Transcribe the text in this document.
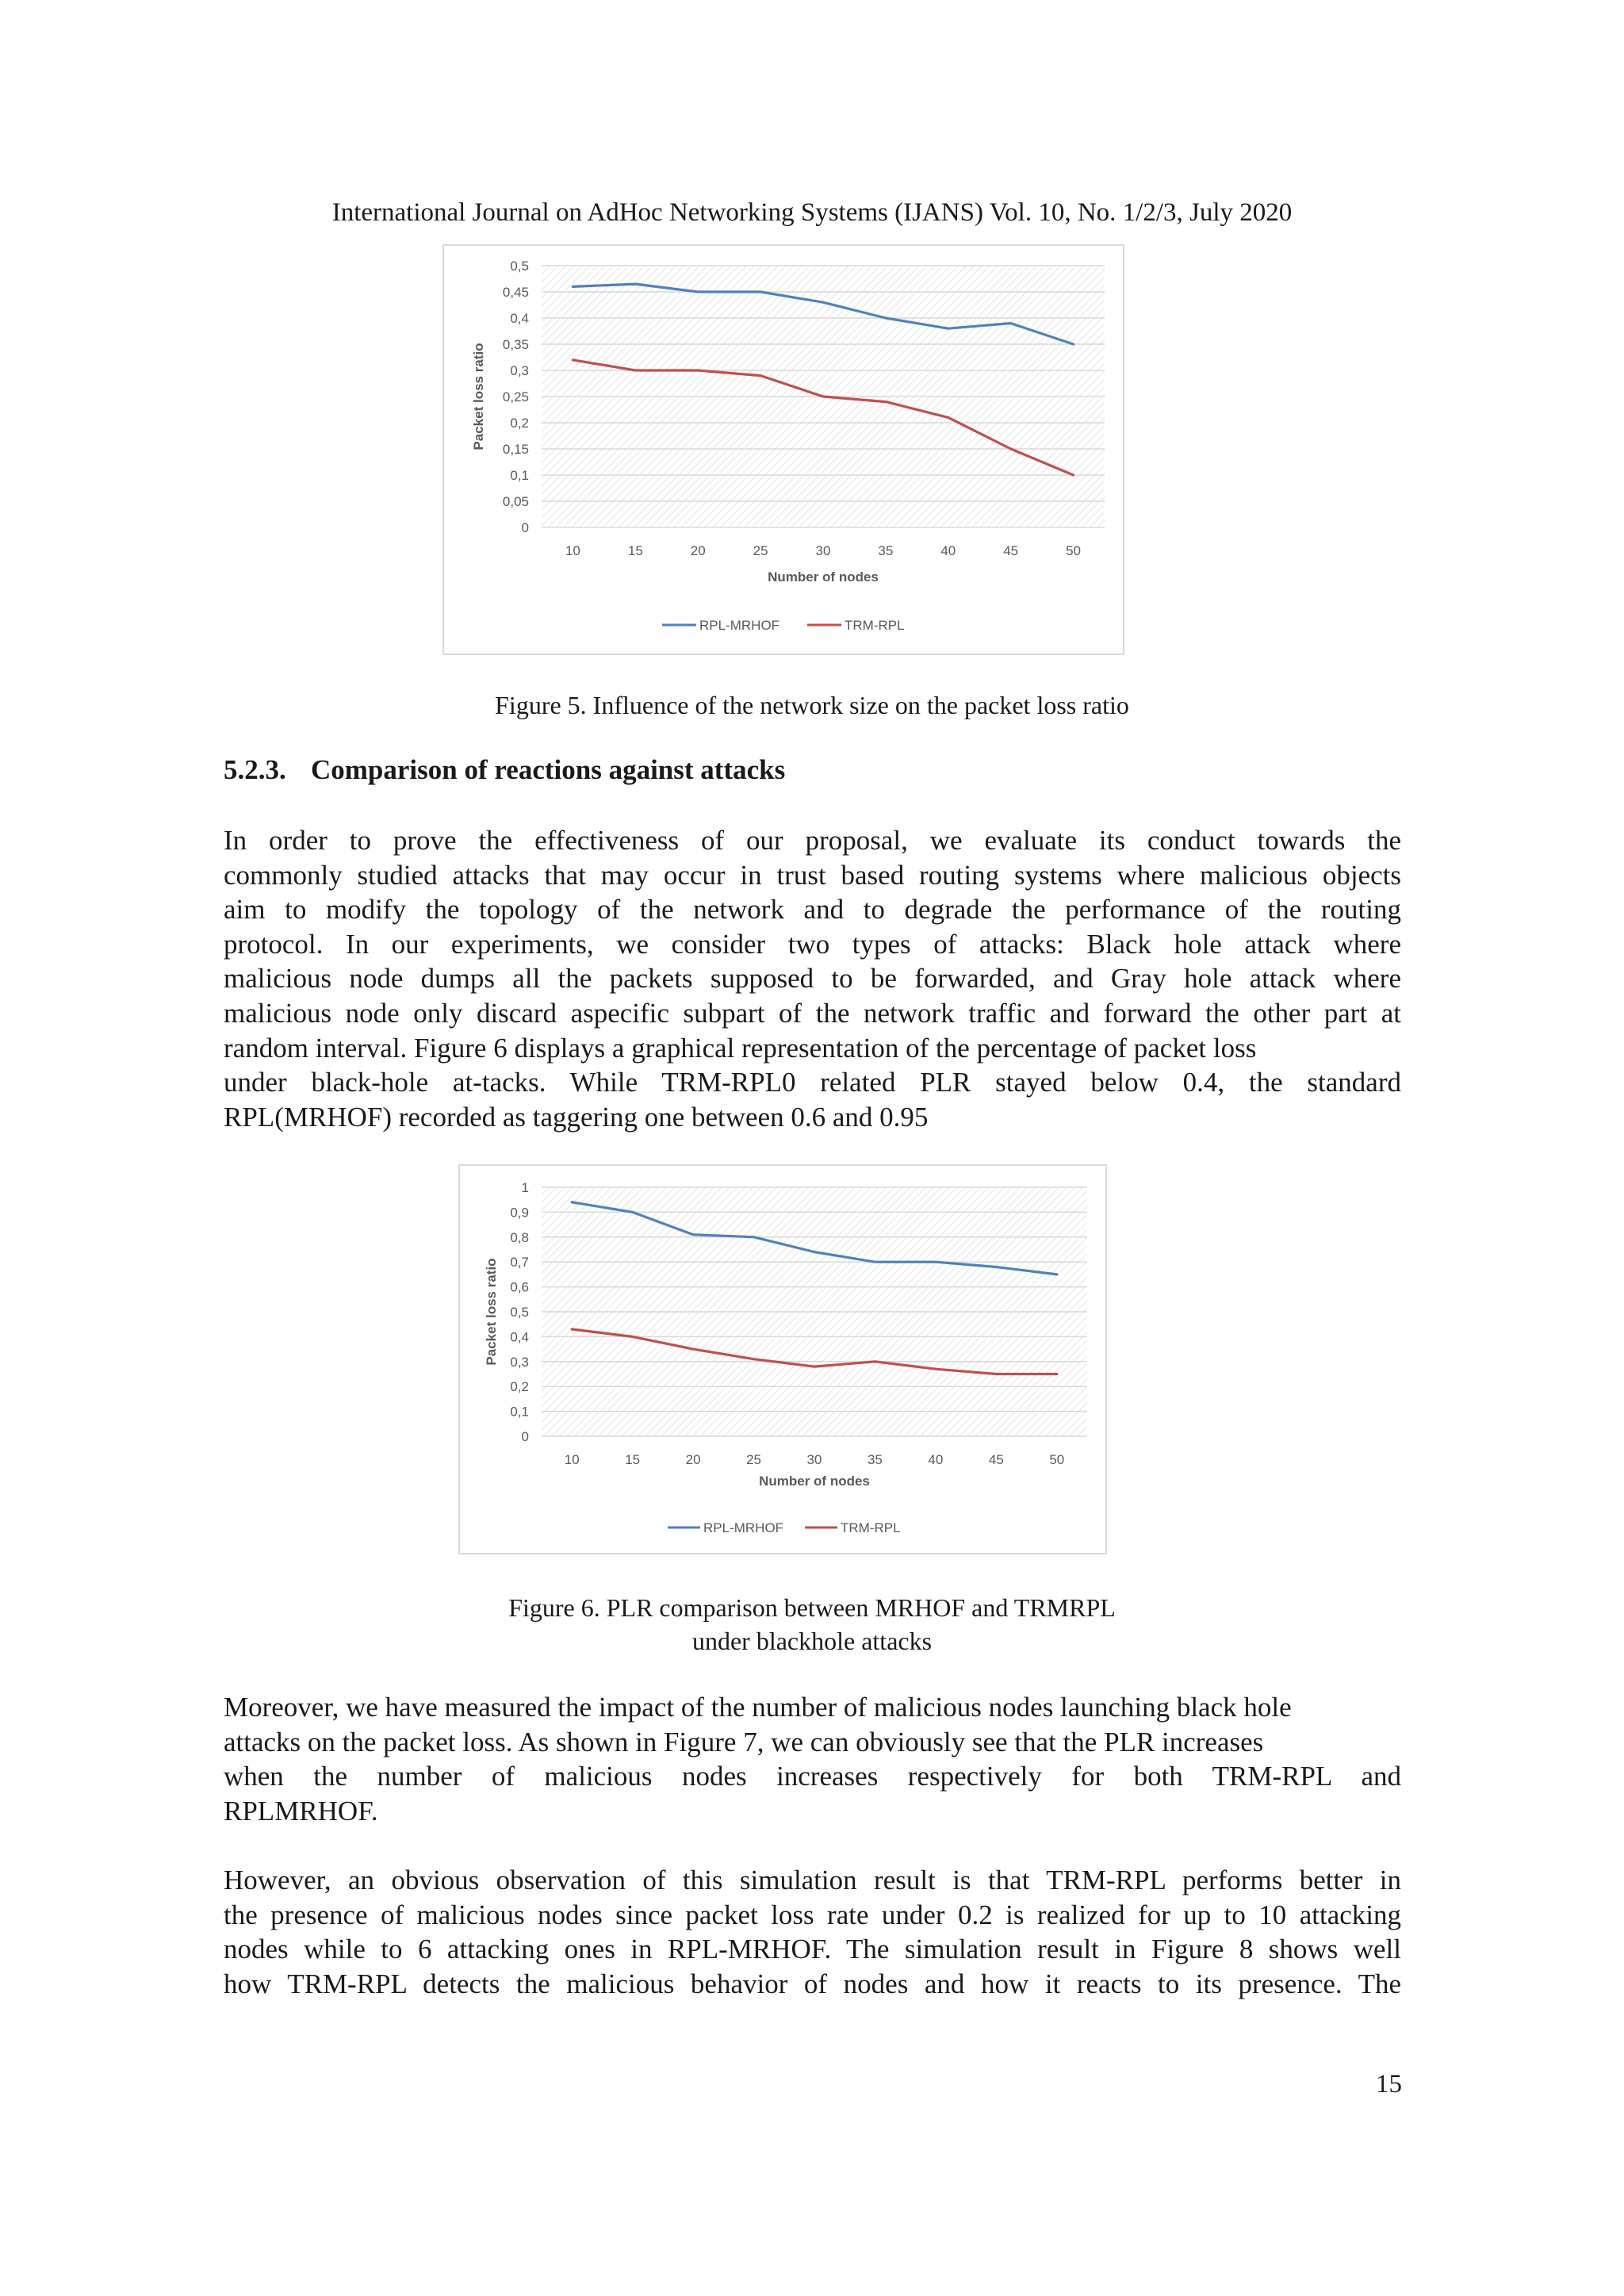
International Journal on AdHoc Networking Systems (IJANS) Vol. 10, No. 1/2/3, July 2020
0
0,05
0,1
0,15
0,2
0,25
0,3
0,35
0,4
0,45
0,5
10	15	20	25	30	35	40	45	50
Number of nodes
Packet loss ratio
RPL-MRHOF	TRM-RPL
Figure 5. Influence of the network size on the packet loss ratio
5.2.3. Comparison of reactions against attacks
In order to prove the effectiveness of our proposal, we evaluate its conduct towards the
commonly studied attacks that may occur in trust based routing systems where malicious objects
aim to modify the topology of the network and to degrade the performance of the routing
protocol. In our experiments, we consider two types of attacks: Black hole attack where
malicious node dumps all the packets supposed to be forwarded, and Gray hole attack where
malicious node only discard aspecific subpart of the network traffic and forward the other part at
random interval. Figure 6 displays a graphical representation of the percentage of packet loss
under black-hole at-tacks. While TRM-RPL0 related PLR stayed below 0.4, the standard
RPL(MRHOF) recorded as taggering one between 0.6 and 0.95
0
0,1
0,2
0,3
0,4
0,5
0,6
0,7
0,8
0,9
1
10	15	20	25	30	35	40	45	50
Number of nodes
Packet loss ratio
RPL-MRHOF	TRM-RPL
Figure 6. PLR comparison between MRHOF and TRMRPL
under blackhole attacks
Moreover, we have measured the impact of the number of malicious nodes launching black hole
attacks on the packet loss. As shown in Figure 7, we can obviously see that the PLR increases
when the number of malicious nodes increases respectively for both TRM-RPL and
RPLMRHOF.
However, an obvious observation of this simulation result is that TRM-RPL performs better in
the presence of malicious nodes since packet loss rate under 0.2 is realized for up to 10 attacking
nodes while to 6 attacking ones in RPL-MRHOF. The simulation result in Figure 8 shows well
how TRM-RPL detects the malicious behavior of nodes and how it reacts to its presence. The
15
